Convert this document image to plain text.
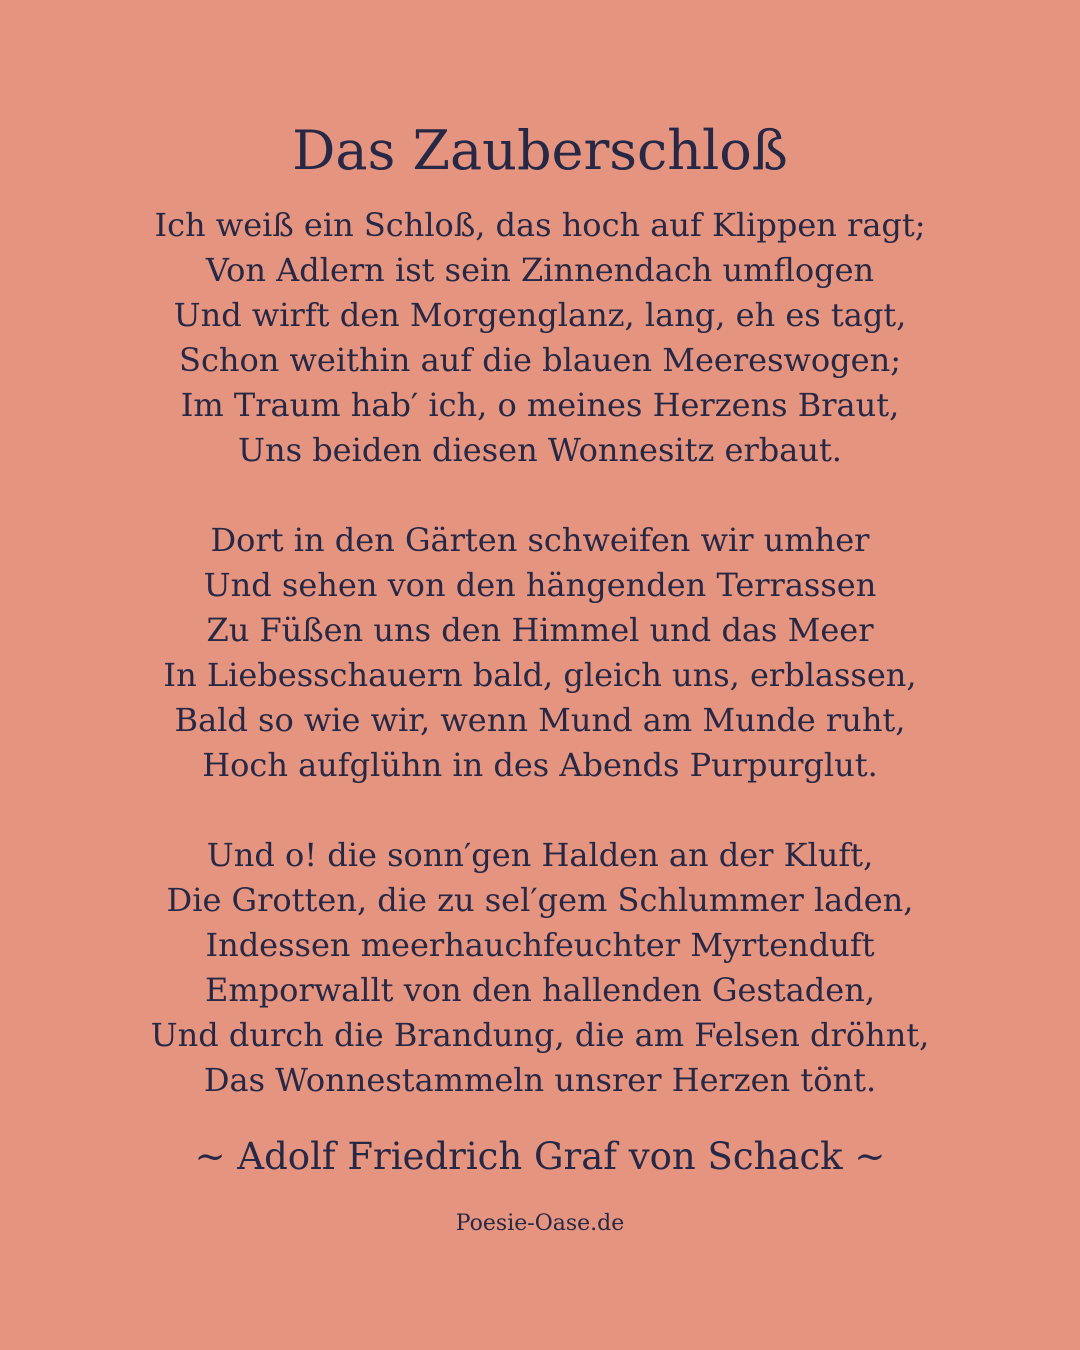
Das Zauberschloß
Ich weiß ein Schloß, das hoch auf Klippen ragt;
Von Adlern ist sein Zinnendach umflogen
Und wirft den Morgenglanz, lang, eh es tagt,
Schon weithin auf die blauen Meereswogen;
Im Traum hab′ ich, o meines Herzens Braut,
Uns beiden diesen Wonnesitz erbaut.
Dort in den Gärten schweifen wir umher
Und sehen von den hängenden Terrassen
Zu Füßen uns den Himmel und das Meer
In Liebesschauern bald, gleich uns, erblassen,
Bald so wie wir, wenn Mund am Munde ruht,
Hoch aufglühn in des Abends Purpurglut.
Und o! die sonn′gen Halden an der Kluft,
Die Grotten, die zu sel′gem Schlummer laden,
Indessen meerhauchfeuchter Myrtenduft
Emporwallt von den hallenden Gestaden,
Und durch die Brandung, die am Felsen dröhnt,
Das Wonnestammeln unsrer Herzen tönt.
~ Adolf Friedrich Graf von Schack ~
Poesie-Oase.de
